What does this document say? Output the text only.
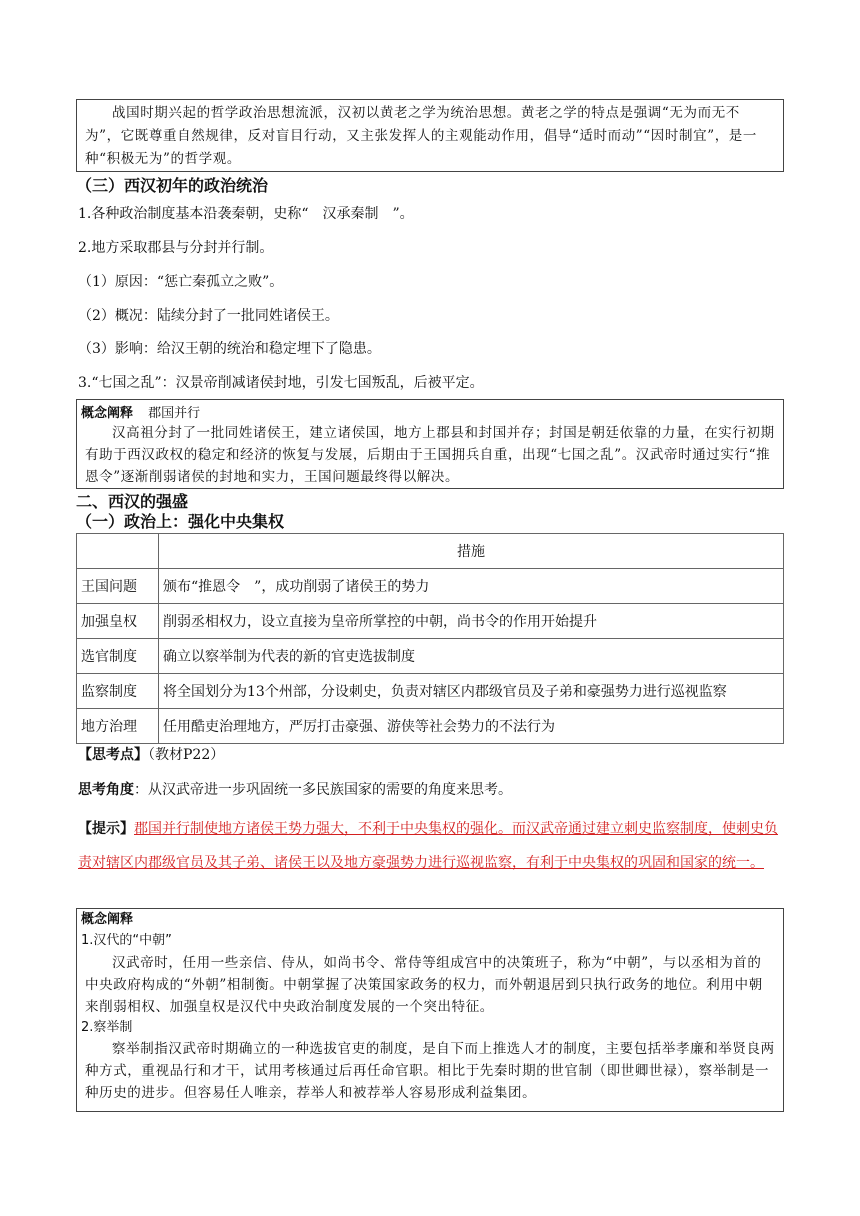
战国时期兴起的哲学政治思想流派，汉初以黄老之学为统治思想。黄老之学的特点是强调“无为而无不为”，它既尊重自然规律，反对盲目行动，又主张发挥人的主观能动作用，倡导“适时而动”“因时制宜”，是一种“积极无为”的哲学观。
（三）西汉初年的政治统治
1.各种政治制度基本沿袭秦朝，史称“　汉承秦制　”。
2.地方采取郡县与分封并行制。
（1）原因：“惩亡秦孤立之败”。
（2）概况：陆续分封了一批同姓诸侯王。
（3）影响：给汉王朝的统治和稳定埋下了隐患。
3.“七国之乱”：汉景帝削减诸侯封地，引发七国叛乱，后被平定。
概念阐释 郡国并行
汉高祖分封了一批同姓诸侯王，建立诸侯国，地方上郡县和封国并存；封国是朝廷依靠的力量，在实行初期有助于西汉政权的稳定和经济的恢复与发展，后期由于王国拥兵自重，出现“七国之乱”。汉武帝时通过实行“推恩令”逐渐削弱诸侯的封地和实力，王国问题最终得以解决。
二、西汉的强盛
（一）政治上：强化中央集权
	措施
王国问题	颁布“推恩令　”，成功削弱了诸侯王的势力
加强皇权	削弱丞相权力，设立直接为皇帝所掌控的中朝，尚书令的作用开始提升
选官制度	确立以察举制为代表的新的官吏选拔制度
监察制度	将全国划分为13个州部，分设刺史，负责对辖区内郡级官员及子弟和豪强势力进行巡视监察
地方治理	任用酷吏治理地方，严厉打击豪强、游侠等社会势力的不法行为
【思考点】（教材P22）
思考角度：从汉武帝进一步巩固统一多民族国家的需要的角度来思考。
【提示】郡国并行制使地方诸侯王势力强大，不利于中央集权的强化。而汉武帝通过建立刺史监察制度，使刺史负责对辖区内郡级官员及其子弟、诸侯王以及地方豪强势力进行巡视监察，有利于中央集权的巩固和国家的统一。
概念阐释
1.汉代的“中朝”
汉武帝时，任用一些亲信、侍从，如尚书令、常侍等组成宫中的决策班子，称为“中朝”，与以丞相为首的中央政府构成的“外朝”相制衡。中朝掌握了决策国家政务的权力，而外朝退居到只执行政务的地位。利用中朝来削弱相权、加强皇权是汉代中央政治制度发展的一个突出特征。
2.察举制
察举制指汉武帝时期确立的一种选拔官吏的制度，是自下而上推选人才的制度，主要包括举孝廉和举贤良两种方式，重视品行和才干，试用考核通过后再任命官职。相比于先秦时期的世官制（即世卿世禄），察举制是一种历史的进步。但容易任人唯亲，荐举人和被荐举人容易形成利益集团。
